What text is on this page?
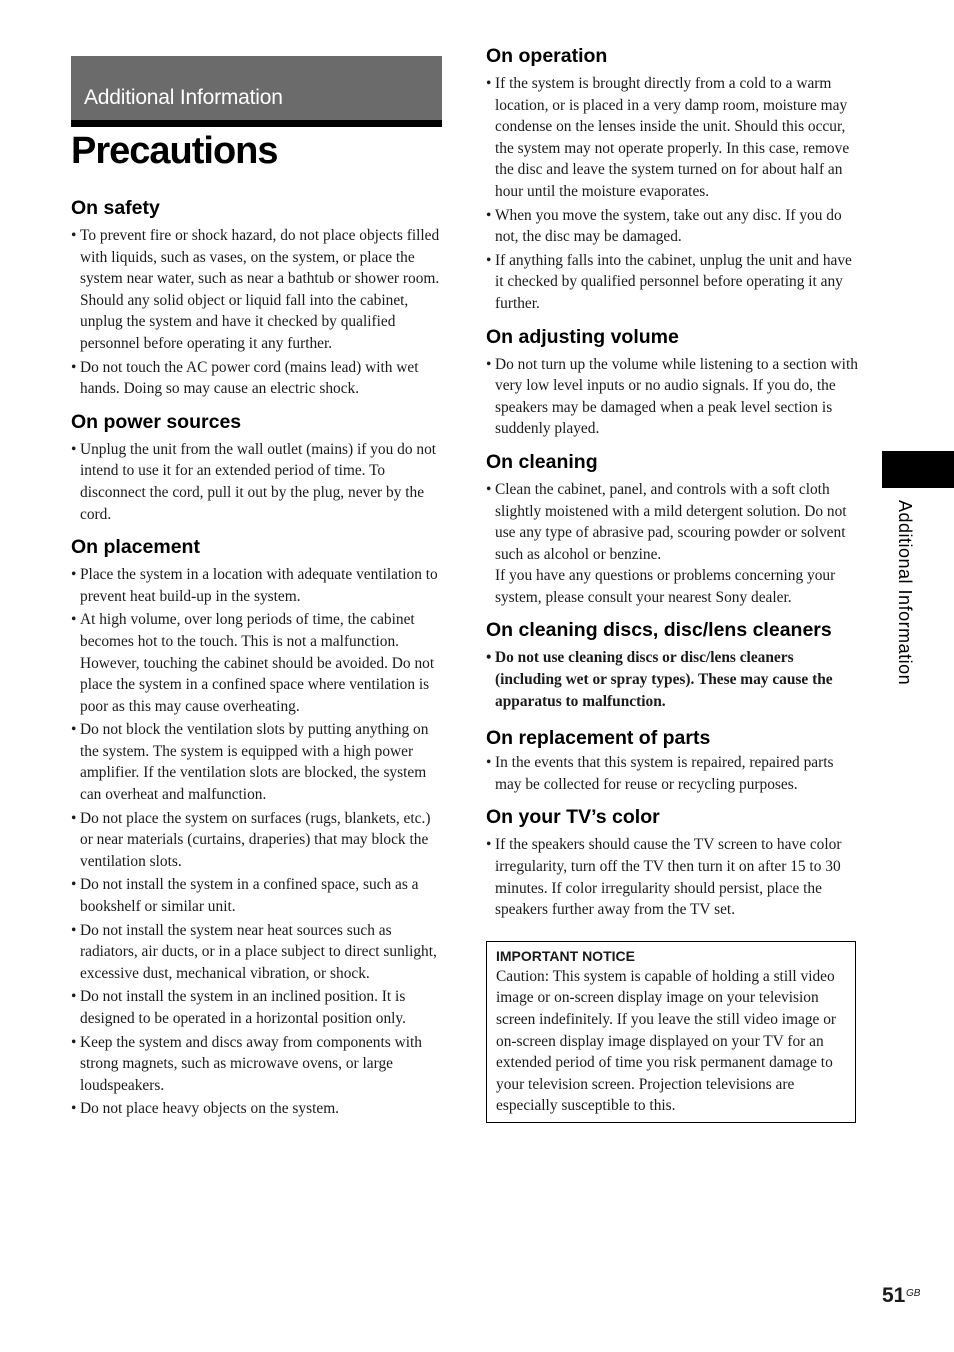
Additional Information
Precautions
On safety
• To prevent fire or shock hazard, do not place objects filled with liquids, such as vases, on the system, or place the system near water, such as near a bathtub or shower room. Should any solid object or liquid fall into the cabinet, unplug the system and have it checked by qualified personnel before operating it any further.
• Do not touch the AC power cord (mains lead) with wet hands. Doing so may cause an electric shock.
On power sources
• Unplug the unit from the wall outlet (mains) if you do not intend to use it for an extended period of time. To disconnect the cord, pull it out by the plug, never by the cord.
On placement
• Place the system in a location with adequate ventilation to prevent heat build-up in the system.
• At high volume, over long periods of time, the cabinet becomes hot to the touch. This is not a malfunction. However, touching the cabinet should be avoided. Do not place the system in a confined space where ventilation is poor as this may cause overheating.
• Do not block the ventilation slots by putting anything on the system. The system is equipped with a high power amplifier. If the ventilation slots are blocked, the system can overheat and malfunction.
• Do not place the system on surfaces (rugs, blankets, etc.) or near materials (curtains, draperies) that may block the ventilation slots.
• Do not install the system in a confined space, such as a bookshelf or similar unit.
• Do not install the system near heat sources such as radiators, air ducts, or in a place subject to direct sunlight, excessive dust, mechanical vibration, or shock.
• Do not install the system in an inclined position. It is designed to be operated in a horizontal position only.
• Keep the system and discs away from components with strong magnets, such as microwave ovens, or large loudspeakers.
• Do not place heavy objects on the system.
On operation
• If the system is brought directly from a cold to a warm location, or is placed in a very damp room, moisture may condense on the lenses inside the unit. Should this occur, the system may not operate properly. In this case, remove the disc and leave the system turned on for about half an hour until the moisture evaporates.
• When you move the system, take out any disc. If you do not, the disc may be damaged.
• If anything falls into the cabinet, unplug the unit and have it checked by qualified personnel before operating it any further.
On adjusting volume
• Do not turn up the volume while listening to a section with very low level inputs or no audio signals. If you do, the speakers may be damaged when a peak level section is suddenly played.
On cleaning
• Clean the cabinet, panel, and controls with a soft cloth slightly moistened with a mild detergent solution. Do not use any type of abrasive pad, scouring powder or solvent such as alcohol or benzine.
If you have any questions or problems concerning your system, please consult your nearest Sony dealer.
On cleaning discs, disc/lens cleaners
• Do not use cleaning discs or disc/lens cleaners (including wet or spray types). These may cause the apparatus to malfunction.
On replacement of parts
• In the events that this system is repaired, repaired parts may be collected for reuse or recycling purposes.
On your TV’s color
• If the speakers should cause the TV screen to have color irregularity, turn off the TV then turn it on after 15 to 30 minutes. If color irregularity should persist, place the speakers further away from the TV set.
IMPORTANT NOTICE
Caution: This system is capable of holding a still video image or on-screen display image on your television screen indefinitely. If you leave the still video image or on-screen display image displayed on your TV for an extended period of time you risk permanent damage to your television screen. Projection televisions are especially susceptible to this.
Additional Information
51 GB
